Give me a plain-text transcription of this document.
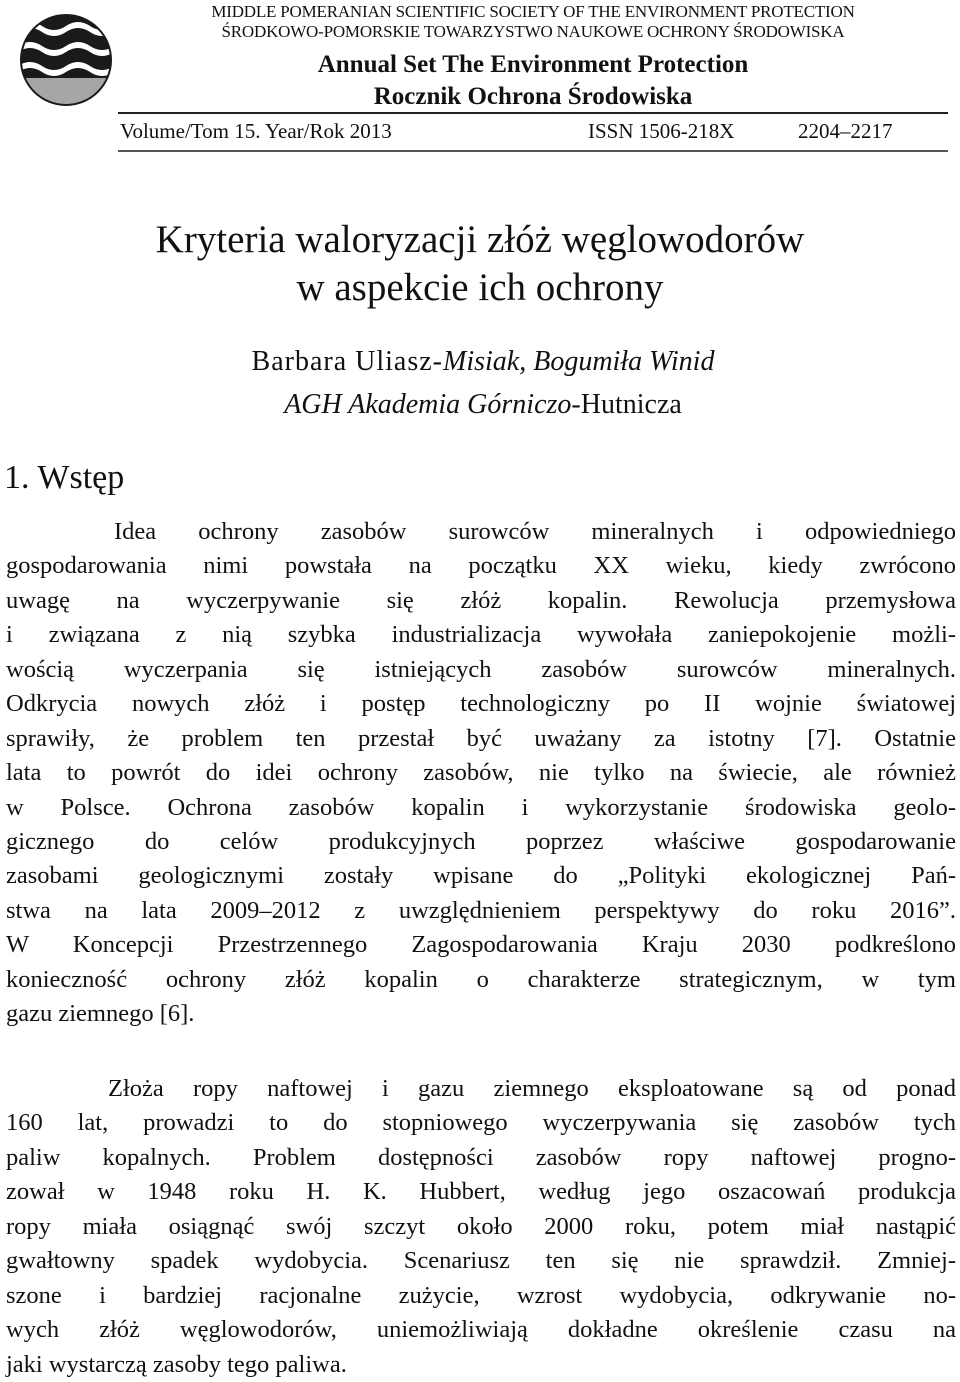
MIDDLE POMERANIAN SCIENTIFIC SOCIETY OF THE ENVIRONMENT PROTECTION
ŚRODKOWO-POMORSKIE TOWARZYSTWO NAUKOWE OCHRONY ŚRODOWISKA
Annual Set The Environment Protection
Rocznik Ochrona Środowiska
Volume/Tom 15. Year/Rok 2013	ISSN 1506-218X	2204–2217
Kryteria waloryzacji złóż węglowodorów
w aspekcie ich ochrony
Barbara Uliasz-Misiak, Bogumiła Winid
AGH Akademia Górniczo-Hutnicza
1. Wstęp
Idea ochrony zasobów surowców mineralnych i odpowiedniego
gospodarowania nimi powstała na początku XX wieku, kiedy zwrócono
uwagę na wyczerpywanie się złóż kopalin. Rewolucja przemysłowa
i związana z nią szybka industrializacja wywołała zaniepokojenie możli-
wością wyczerpania się istniejących zasobów surowców mineralnych.
Odkrycia nowych złóż i postęp technologiczny po II wojnie światowej
sprawiły, że problem ten przestał być uważany za istotny [7]. Ostatnie
lata to powrót do idei ochrony zasobów, nie tylko na świecie, ale również
w Polsce. Ochrona zasobów kopalin i wykorzystanie środowiska geolo-
gicznego do celów produkcyjnych poprzez właściwe gospodarowanie
zasobami geologicznymi zostały wpisane do „Polityki ekologicznej Pań-
stwa na lata 2009–2012 z uwzględnieniem perspektywy do roku 2016”.
W Koncepcji Przestrzennego Zagospodarowania Kraju 2030 podkreślono
konieczność ochrony złóż kopalin o charakterze strategicznym, w tym
gazu ziemnego [6].
Złoża ropy naftowej i gazu ziemnego eksploatowane są od ponad
160 lat, prowadzi to do stopniowego wyczerpywania się zasobów tych
paliw kopalnych. Problem dostępności zasobów ropy naftowej progno-
zował w 1948 roku H. K. Hubbert, według jego oszacowań produkcja
ropy miała osiągnąć swój szczyt około 2000 roku, potem miał nastąpić
gwałtowny spadek wydobycia. Scenariusz ten się nie sprawdził. Zmniej-
szone i bardziej racjonalne zużycie, wzrost wydobycia, odkrywanie no-
wych złóż węglowodorów, uniemożliwiają dokładne określenie czasu na
jaki wystarczą zasoby tego paliwa.
